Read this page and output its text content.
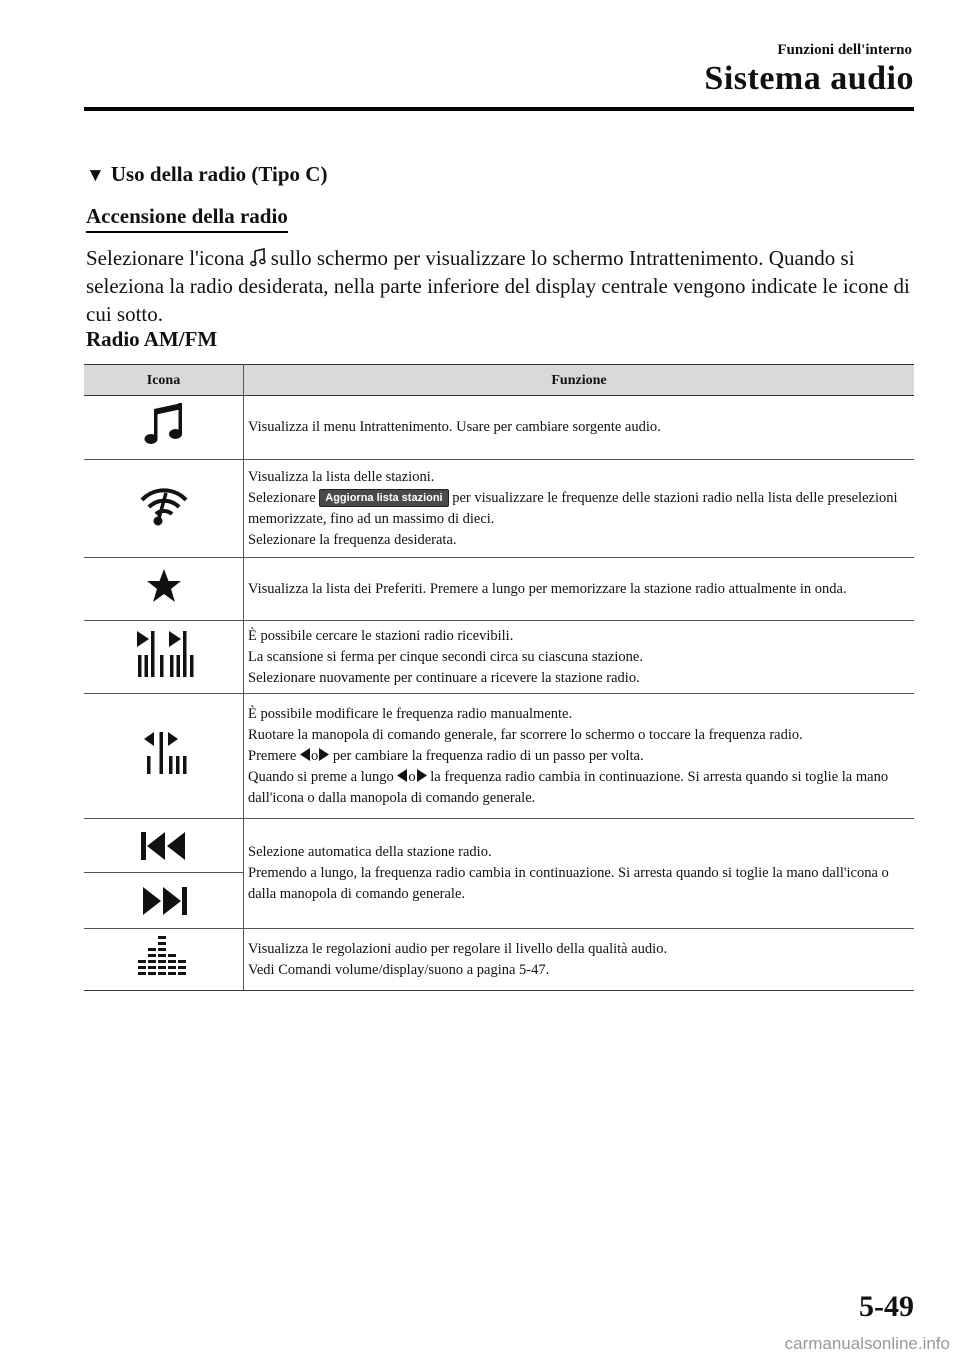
Funzioni dell'interno
Sistema audio
▼ Uso della radio (Tipo C)
Accensione della radio
Selezionare l'icona  sullo schermo per visualizzare lo schermo Intrattenimento. Quando si seleziona la radio desiderata, nella parte inferiore del display centrale vengono indicate le icone di cui sotto.
Radio AM/FM
Icona	Funzione

Visualizza il menu Intrattenimento. Usare per cambiare sorgente audio.

Visualizza la lista delle stazioni.
Selezionare Aggiorna lista stazioni per visualizzare le frequenze delle stazioni radio nella lista delle preselezioni memorizzate, fino ad un massimo di dieci.
Selezionare la frequenza desiderata.

Visualizza la lista dei Preferiti. Premere a lungo per memorizzare la stazione radio attualmente in onda.

È possibile cercare le stazioni radio ricevibili.
La scansione si ferma per cinque secondi circa su ciascuna stazione.
Selezionare nuovamente per continuare a ricevere la stazione radio.

È possibile modificare le frequenza radio manualmente.
Ruotare la manopola di comando generale, far scorrere lo schermo o toccare la frequenza radio.
Premere o per cambiare la frequenza radio di un passo per volta.
Quando si preme a lungo o la frequenza radio cambia in continuazione. Si arresta quando si toglie la mano dall'icona o dalla manopola di comando generale.

Selezione automatica della stazione radio.
Premendo a lungo, la frequenza radio cambia in continuazione. Si arresta quando si toglie la mano dall'icona o dalla manopola di comando generale.

Visualizza le regolazioni audio per regolare il livello della qualità audio.
Vedi Comandi volume/display/suono a pagina 5-47.
5-49
carmanualsonline.info
